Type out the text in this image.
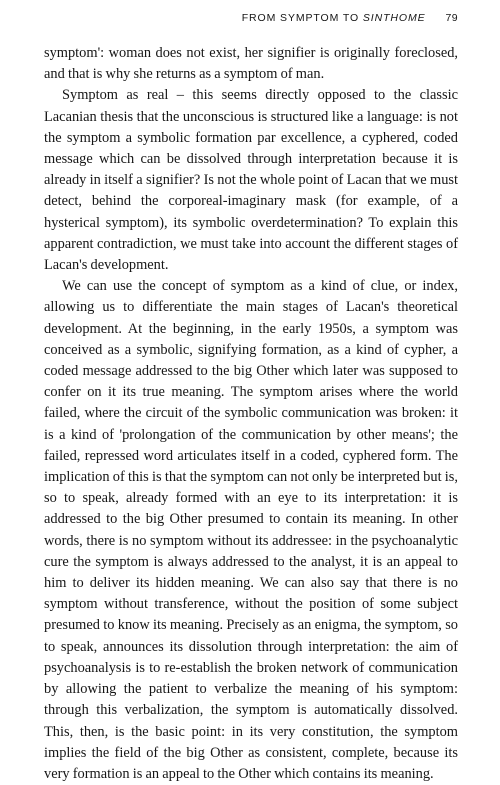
FROM SYMPTOM TO SINTHOME 79

symptom': woman does not exist, her signifier is originally foreclosed, and that is why she returns as a symptom of man.

Symptom as real – this seems directly opposed to the classic Lacanian thesis that the unconscious is structured like a language: is not the symptom a symbolic formation par excellence, a cyphered, coded message which can be dissolved through interpretation because it is already in itself a signifier? Is not the whole point of Lacan that we must detect, behind the corporeal-imaginary mask (for example, of a hysterical symptom), its symbolic overdetermination? To explain this apparent contradiction, we must take into account the different stages of Lacan's development.

We can use the concept of symptom as a kind of clue, or index, allowing us to differentiate the main stages of Lacan's theoretical development. At the beginning, in the early 1950s, a symptom was conceived as a symbolic, signifying formation, as a kind of cypher, a coded message addressed to the big Other which later was supposed to confer on it its true meaning. The symptom arises where the world failed, where the circuit of the symbolic communication was broken: it is a kind of 'prolongation of the communication by other means'; the failed, repressed word articulates itself in a coded, cyphered form. The implication of this is that the symptom can not only be interpreted but is, so to speak, already formed with an eye to its interpretation: it is addressed to the big Other presumed to contain its meaning. In other words, there is no symptom without its addressee: in the psychoanalytic cure the symptom is always addressed to the analyst, it is an appeal to him to deliver its hidden meaning. We can also say that there is no symptom without transference, without the position of some subject presumed to know its meaning. Precisely as an enigma, the symptom, so to speak, announces its dissolution through interpretation: the aim of psychoanalysis is to re-establish the broken network of communication by allowing the patient to verbalize the meaning of his symptom: through this verbalization, the symptom is automatically dissolved. This, then, is the basic point: in its very constitution, the symptom implies the field of the big Other as consistent, complete, because its very formation is an appeal to the Other which contains its meaning.
